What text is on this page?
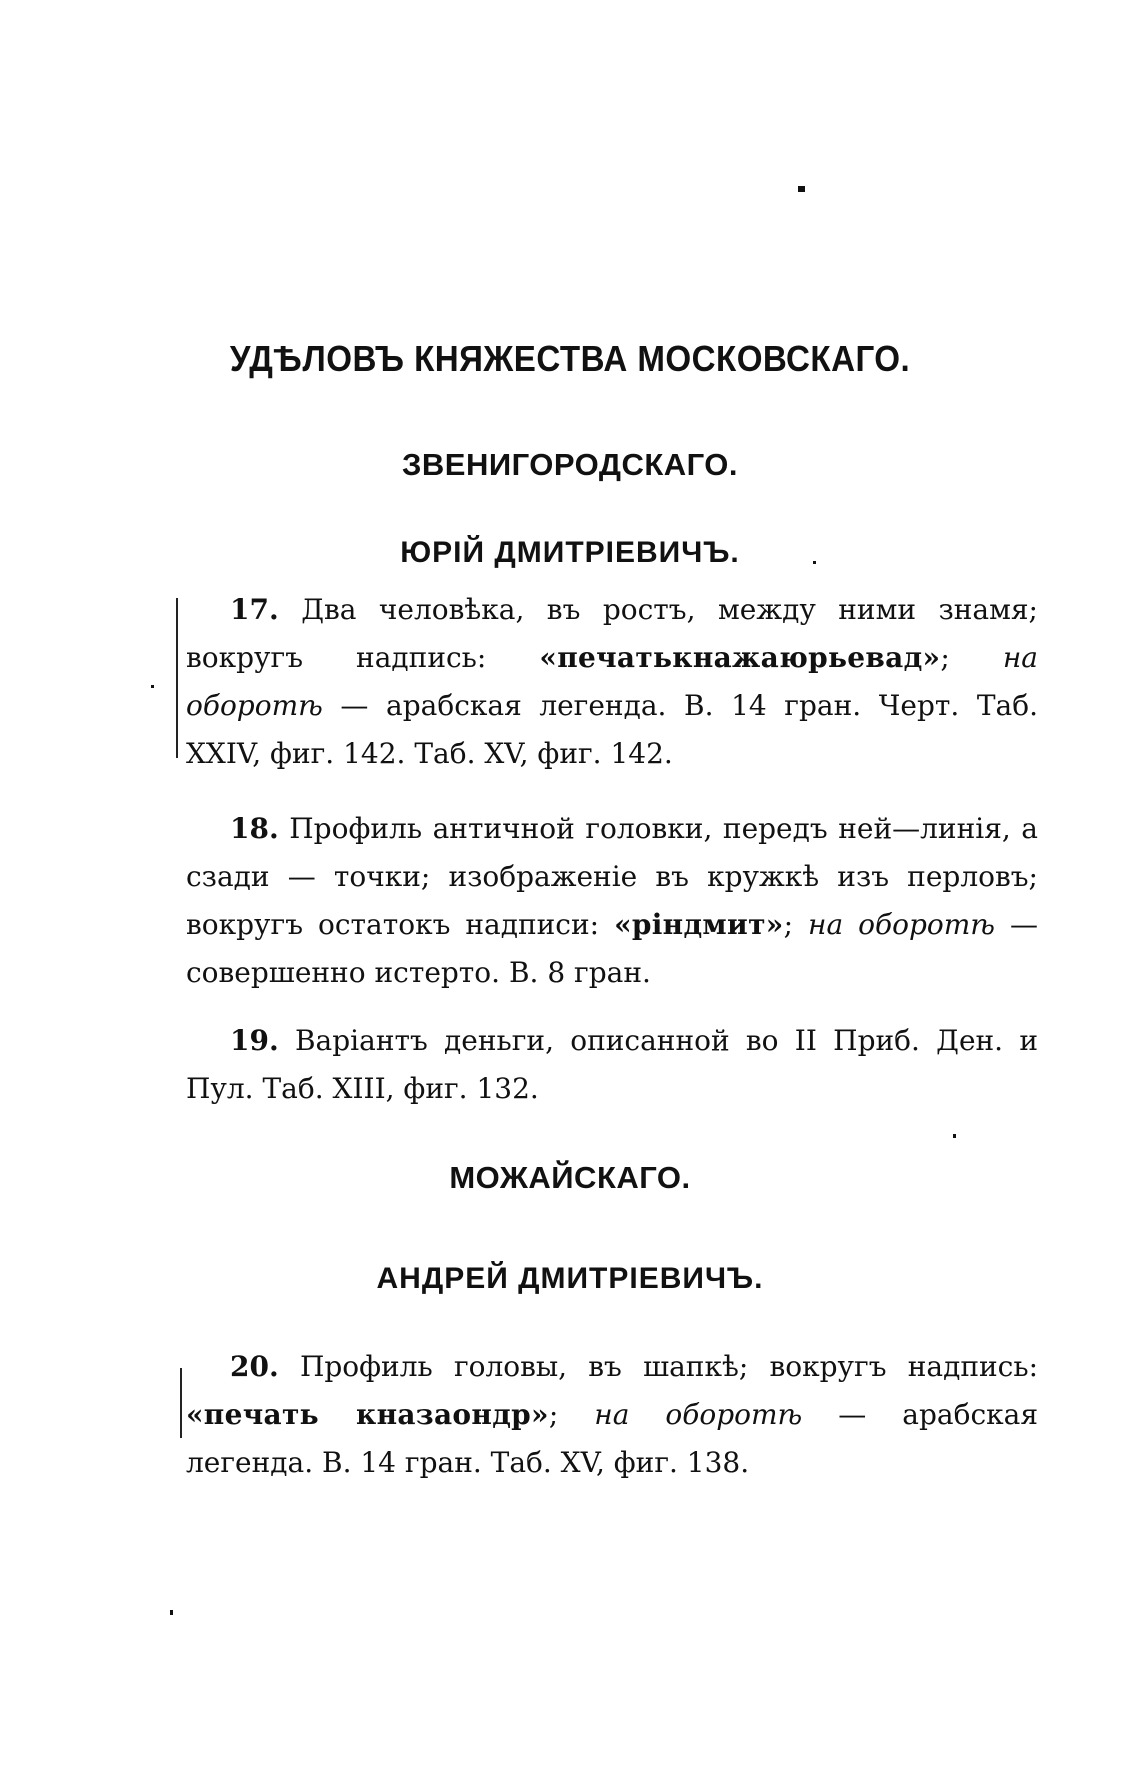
УДѢЛОВЪ КНЯЖЕСТВА МОСКОВСКАГО.
ЗВЕНИГОРОДСКАГО.
ЮРІЙ ДМИТРІЕВИЧЪ.

17. Два человѣка, въ ростъ, между ними знамя; вокругъ надпись: «печатькнажаюрьевад»; на оборотѣ — арабская легенда. В. 14 гран. Черт. Таб. XXIV, фиг. 142. Таб. XV, фиг. 142.

18. Профиль античной головки, передъ ней—линія, а сзади — точки; изображеніе въ кружкѣ изъ перловъ; вокругъ остатокъ надписи: «ріндмит»; на оборотѣ — совершенно истерто. В. 8 гран.

19. Варіантъ деньги, описанной во II Приб. Ден. и Пул. Таб. XIII, фиг. 132.

МОЖАЙСКАГО.
АНДРЕЙ ДМИТРІЕВИЧЪ.

20. Профиль головы, въ шапкѣ; вокругъ надпись: «печать кназаондр»; на оборотѣ — арабская легенда. В. 14 гран. Таб. XV, фиг. 138.
